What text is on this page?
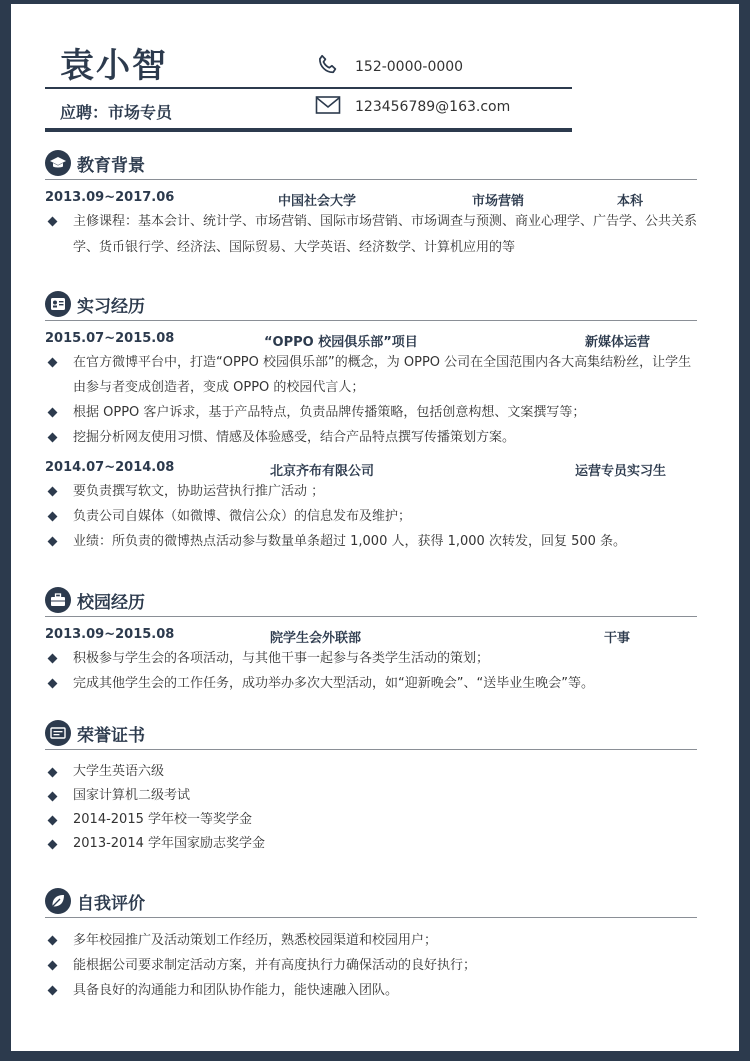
袁小智
应聘：市场专员
152-0000-0000
123456789@163.com
教育背景
2013.09~2017.06	中国社会大学	市场营销	本科
主修课程：基本会计、统计学、市场营销、国际市场营销、市场调查与预测、商业心理学、广告学、公共关系学、货币银行学、经济法、国际贸易、大学英语、经济数学、计算机应用的等
实习经历
2015.07~2015.08	“OPPO 校园俱乐部”项目	新媒体运营
在官方微博平台中，打造“OPPO 校园俱乐部”的概念，为 OPPO 公司在全国范围内各大高集结粉丝，让学生由参与者变成创造者，变成 OPPO 的校园代言人；
根据 OPPO 客户诉求，基于产品特点，负责品牌传播策略，包括创意构想、文案撰写等；
挖掘分析网友使用习惯、情感及体验感受，结合产品特点撰写传播策划方案。
2014.07~2014.08	北京齐布有限公司	运营专员实习生
要负责撰写软文，协助运营执行推广活动 ；
负责公司自媒体（如微博、微信公众）的信息发布及维护；
业绩：所负责的微博热点活动参与数量单条超过 1,000 人，获得 1,000 次转发，回复 500 条。
校园经历
2013.09~2015.08	院学生会外联部	干事
积极参与学生会的各项活动，与其他干事一起参与各类学生活动的策划；
完成其他学生会的工作任务，成功举办多次大型活动，如“迎新晚会”、“送毕业生晚会”等。
荣誉证书
大学生英语六级
国家计算机二级考试
2014-2015 学年校一等奖学金
2013-2014 学年国家励志奖学金
自我评价
多年校园推广及活动策划工作经历，熟悉校园渠道和校园用户；
能根据公司要求制定活动方案，并有高度执行力确保活动的良好执行；
具备良好的沟通能力和团队协作能力，能快速融入团队。
